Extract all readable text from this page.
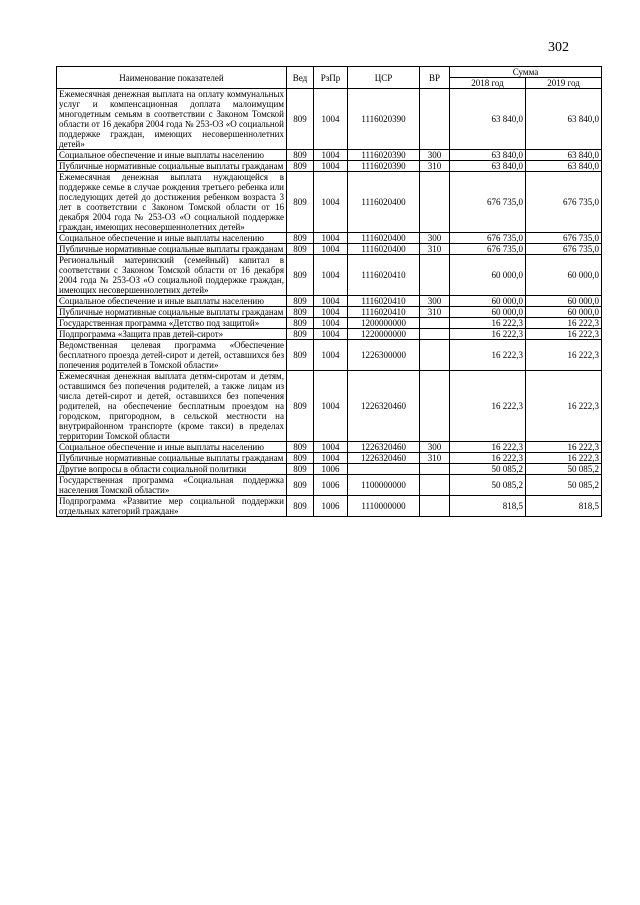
302
Наименование показателей	Вед	РзПр	ЦСР	ВР	Сумма	
					2018 год	2019 год
Ежемесячная денежная выплата на оплату коммунальных услуг и компенсационная доплата малоимущим многодетным семьям в соответствии с Законом Томской области от 16 декабря 2004 года № 253-ОЗ «О социальной поддержке граждан, имеющих несовершеннолетних детей»	809	1004	1116020390		63 840,0	63 840,0
Социальное обеспечение и иные выплаты населению	809	1004	1116020390	300	63 840,0	63 840,0
Публичные нормативные социальные выплаты гражданам	809	1004	1116020390	310	63 840,0	63 840,0
Ежемесячная денежная выплата нуждающейся в поддержке семье в случае рождения третьего ребенка или последующих детей до достижения ребенком возраста 3 лет в соответствии с Законом Томской области от 16 декабря 2004 года № 253-ОЗ «О социальной поддержке граждан, имеющих несовершеннолетних детей»	809	1004	1116020400		676 735,0	676 735,0
Социальное обеспечение и иные выплаты населению	809	1004	1116020400	300	676 735,0	676 735,0
Публичные нормативные социальные выплаты гражданам	809	1004	1116020400	310	676 735,0	676 735,0
Региональный материнский (семейный) капитал в соответствии с Законом Томской области от 16 декабря 2004 года № 253-ОЗ «О социальной поддержке граждан, имеющих несовершеннолетних детей»	809	1004	1116020410		60 000,0	60 000,0
Социальное обеспечение и иные выплаты населению	809	1004	1116020410	300	60 000,0	60 000,0
Публичные нормативные социальные выплаты гражданам	809	1004	1116020410	310	60 000,0	60 000,0
Государственная программа «Детство под защитой»	809	1004	1200000000		16 222,3	16 222,3
Подпрограмма «Защита прав детей-сирот»	809	1004	1220000000		16 222,3	16 222,3
Ведомственная целевая программа «Обеспечение бесплатного проезда детей-сирот и детей, оставшихся без попечения родителей в Томской области»	809	1004	1226300000		16 222,3	16 222,3
Ежемесячная денежная выплата детям-сиротам и детям, оставшимся без попечения родителей, а также лицам из числа детей-сирот и детей, оставшихся без попечения родителей, на обеспечение бесплатным проездом на городском, пригородном, в сельской местности на внутрирайонном транспорте (кроме такси) в пределах территории Томской области	809	1004	1226320460		16 222,3	16 222,3
Социальное обеспечение и иные выплаты населению	809	1004	1226320460	300	16 222,3	16 222,3
Публичные нормативные социальные выплаты гражданам	809	1004	1226320460	310	16 222,3	16 222,3
Другие вопросы в области социальной политики	809	1006			50 085,2	50 085,2
Государственная программа «Социальная поддержка населения Томской области»	809	1006	1100000000		50 085,2	50 085,2
Подпрограмма «Развитие мер социальной поддержки отдельных категорий граждан»	809	1006	1110000000		818,5	818,5
